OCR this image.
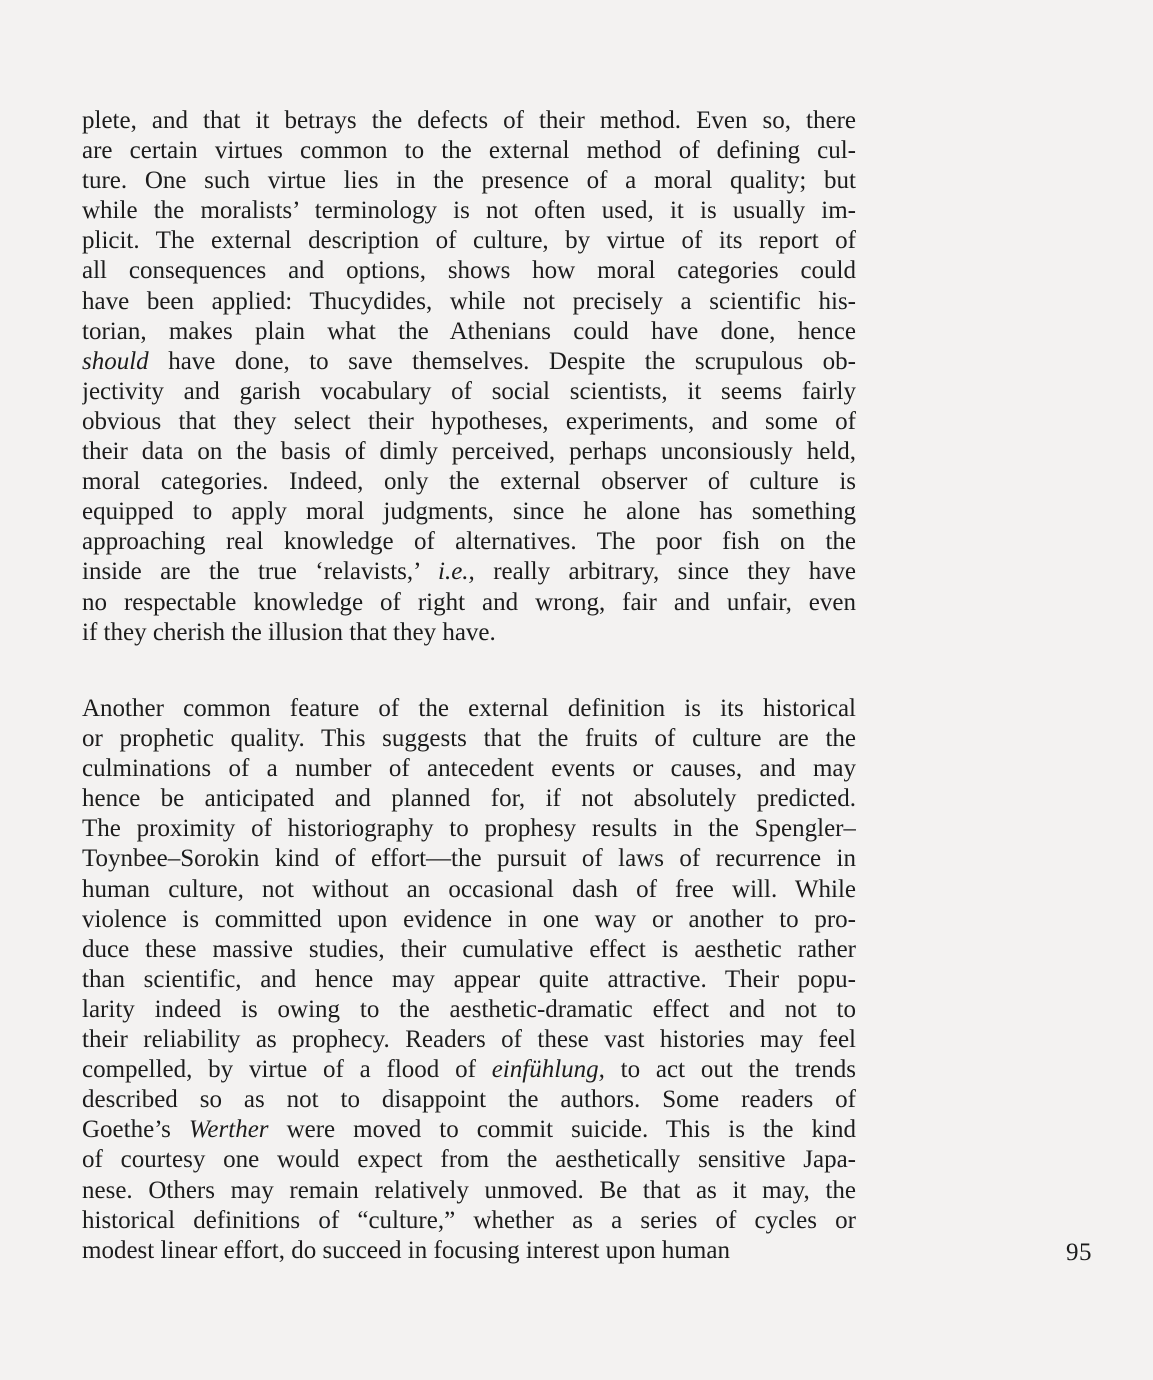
plete, and that it betrays the defects of their method. Even so, there
are certain virtues common to the external method of defining cul-
ture. One such virtue lies in the presence of a moral quality; but
while the moralists’ terminology is not often used, it is usually im-
plicit. The external description of culture, by virtue of its report of
all consequences and options, shows how moral categories could
have been applied: Thucydides, while not precisely a scientific his-
torian, makes plain what the Athenians could have done, hence
should have done, to save themselves. Despite the scrupulous ob-
jectivity and garish vocabulary of social scientists, it seems fairly
obvious that they select their hypotheses, experiments, and some of
their data on the basis of dimly perceived, perhaps unconsiously held,
moral categories. Indeed, only the external observer of culture is
equipped to apply moral judgments, since he alone has something
approaching real knowledge of alternatives. The poor fish on the
inside are the true ‘relavists,’ i.e., really arbitrary, since they have
no respectable knowledge of right and wrong, fair and unfair, even
if they cherish the illusion that they have.
Another common feature of the external definition is its historical
or prophetic quality. This suggests that the fruits of culture are the
culminations of a number of antecedent events or causes, and may
hence be anticipated and planned for, if not absolutely predicted.
The proximity of historiography to prophesy results in the Spengler–
Toynbee–Sorokin kind of effort—the pursuit of laws of recurrence in
human culture, not without an occasional dash of free will. While
violence is committed upon evidence in one way or another to pro-
duce these massive studies, their cumulative effect is aesthetic rather
than scientific, and hence may appear quite attractive. Their popu-
larity indeed is owing to the aesthetic-dramatic effect and not to
their reliability as prophecy. Readers of these vast histories may feel
compelled, by virtue of a flood of einfühlung, to act out the trends
described so as not to disappoint the authors. Some readers of
Goethe’s Werther were moved to commit suicide. This is the kind
of courtesy one would expect from the aesthetically sensitive Japa-
nese. Others may remain relatively unmoved. Be that as it may, the
historical definitions of “culture,” whether as a series of cycles or
modest linear effort, do succeed in focusing interest upon human	95
